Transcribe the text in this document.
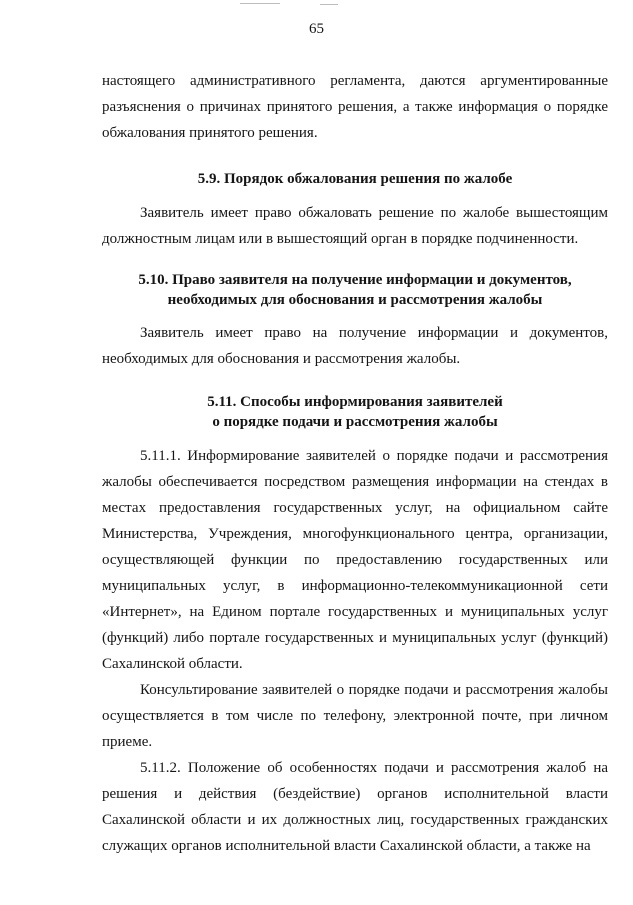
65

настоящего административного регламента, даются аргументированные разъяснения о причинах принятого решения, а также информация о порядке обжалования принятого решения.

5.9. Порядок обжалования решения по жалобе

Заявитель имеет право обжаловать решение по жалобе вышестоящим должностным лицам или в вышестоящий орган в порядке подчиненности.

5.10. Право заявителя на получение информации и документов,
необходимых для обоснования и рассмотрения жалобы

Заявитель имеет право на получение информации и документов, необходимых для обоснования и рассмотрения жалобы.

5.11. Способы информирования заявителей
о порядке подачи и рассмотрения жалобы

5.11.1. Информирование заявителей о порядке подачи и рассмотрения жалобы обеспечивается посредством размещения информации на стендах в местах предоставления государственных услуг, на официальном сайте Министерства, Учреждения, многофункционального центра, организации, осуществляющей функции по предоставлению государственных или муниципальных услуг, в информационно-телекоммуникационной сети «Интернет», на Едином портале государственных и муниципальных услуг (функций) либо портале государственных и муниципальных услуг (функций) Сахалинской области.

Консультирование заявителей о порядке подачи и рассмотрения жалобы осуществляется в том числе по телефону, электронной почте, при личном приеме.

5.11.2. Положение об особенностях подачи и рассмотрения жалоб на решения и действия (бездействие) органов исполнительной власти Сахалинской области и их должностных лиц, государственных гражданских служащих органов исполнительной власти Сахалинской области, а также на
